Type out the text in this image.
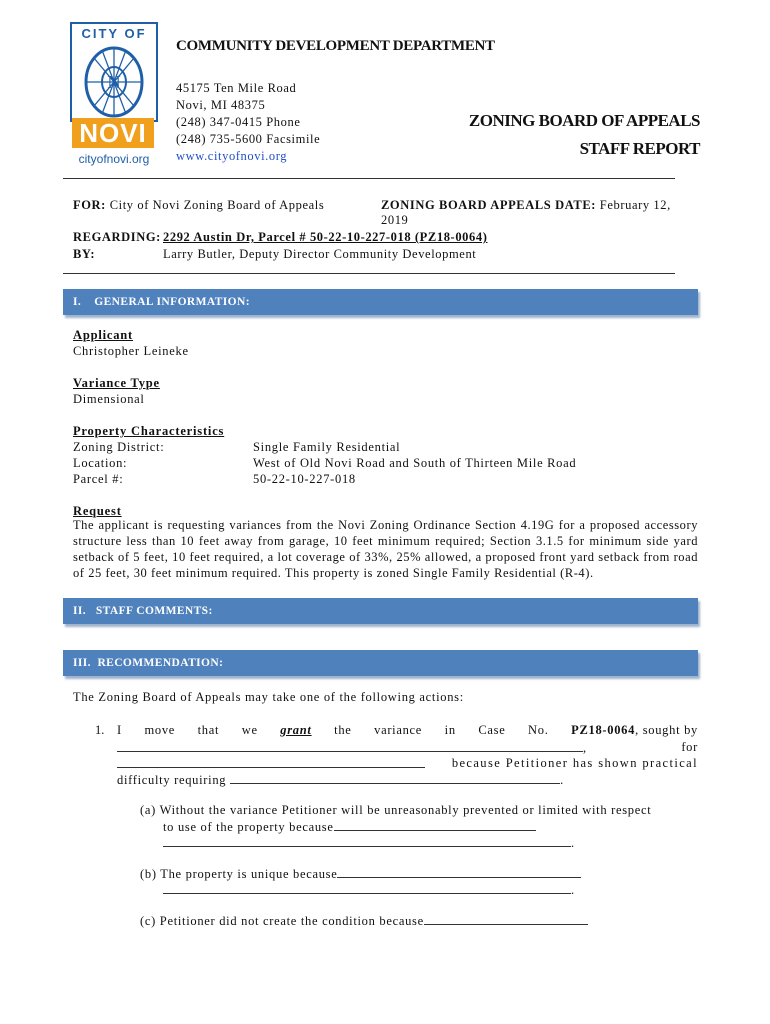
CITY OF
N
NOVI
cityofnovi.org
COMMUNITY DEVELOPMENT DEPARTMENT
45175 Ten Mile Road
Novi, MI 48375
(248) 347-0415 Phone
(248) 735-5600 Facsimile
www.cityofnovi.org
ZONING BOARD OF APPEALS
STAFF REPORT
FOR: City of Novi Zoning Board of Appeals	ZONING BOARD APPEALS DATE: February 12, 2019
REGARDING: 2292 Austin Dr, Parcel # 50-22-10-227-018 (PZ18-0064)
BY:	Larry Butler, Deputy Director Community Development
I.    GENERAL INFORMATION:
Applicant
Christopher Leineke
Variance Type
Dimensional
Property Characteristics
Zoning District:	Single Family Residential
Location:	West of Old Novi Road and South of Thirteen Mile Road
Parcel #:	50-22-10-227-018
Request
The applicant is requesting variances from the Novi Zoning Ordinance Section 4.19G for a proposed accessory structure less than 10 feet away from garage, 10 feet minimum required; Section 3.1.5 for minimum side yard setback of 5 feet, 10 feet required, a lot coverage of 33%, 25% allowed, a proposed front yard setback from road of 25 feet, 30 feet minimum required. This property is zoned Single Family Residential (R-4).
II.   STAFF COMMENTS:
III.  RECOMMENDATION:
The Zoning Board of Appeals may take one of the following actions:
1. I move that we grant the variance in Case No. PZ18-0064, sought by
,	for
because Petitioner has shown practical
difficulty requiring	.
(a) Without the variance Petitioner will be unreasonably prevented or limited with respect
to use of the property because
.
(b) The property is unique because
.
(c) Petitioner did not create the condition because
